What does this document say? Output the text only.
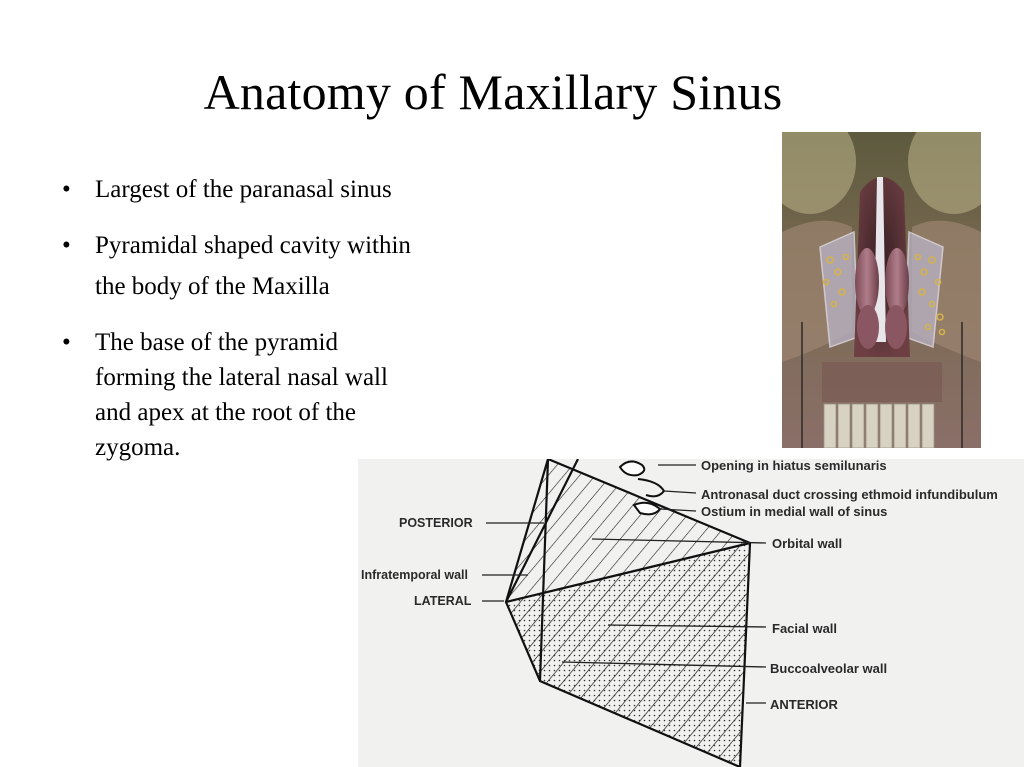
Anatomy of Maxillary Sinus
• Largest of the paranasal sinus
• Pyramidal shaped cavity within
the body of the Maxilla
• The base of the pyramid
forming the lateral nasal wall
and apex at the root of the
zygoma.
Opening in hiatus semilunaris
Antronasal duct crossing ethmoid infundibulum
Ostium in medial wall of sinus
POSTERIOR
Orbital wall
Infratemporal wall
LATERAL
Facial wall
Buccoalveolar wall
ANTERIOR
